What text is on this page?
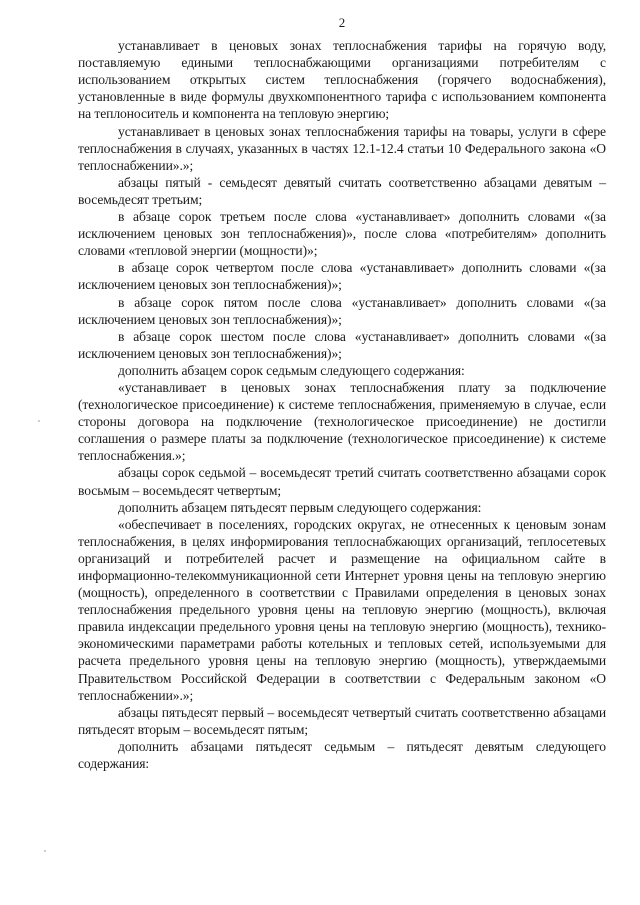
2

устанавливает в ценовых зонах теплоснабжения тарифы на горячую воду, поставляемую едиными теплоснабжающими организациями потребителям с использованием открытых систем теплоснабжения (горячего водоснабжения), установленные в виде формулы двухкомпонентного тарифа с использованием компонента на теплоноситель и компонента на тепловую энергию;

устанавливает в ценовых зонах теплоснабжения тарифы на товары, услуги в сфере теплоснабжения в случаях, указанных в частях 12.1-12.4 статьи 10 Федерального закона «О теплоснабжении».»;

абзацы пятый - семьдесят девятый считать соответственно абзацами девятым – восемьдесят третьим;

в абзаце сорок третьем после слова «устанавливает» дополнить словами «(за исключением ценовых зон теплоснабжения)», после слова «потребителям» дополнить словами «тепловой энергии (мощности)»;

в абзаце сорок четвертом после слова «устанавливает» дополнить словами «(за исключением ценовых зон теплоснабжения)»;

в абзаце сорок пятом после слова «устанавливает» дополнить словами «(за исключением ценовых зон теплоснабжения)»;

в абзаце сорок шестом после слова «устанавливает» дополнить словами «(за исключением ценовых зон теплоснабжения)»;

дополнить абзацем сорок седьмым следующего содержания:

«устанавливает в ценовых зонах теплоснабжения плату за подключение (технологическое присоединение) к системе теплоснабжения, применяемую в случае, если стороны договора на подключение (технологическое присоединение) не достигли соглашения о размере платы за подключение (технологическое присоединение) к системе теплоснабжения.»;

абзацы сорок седьмой – восемьдесят третий считать соответственно абзацами сорок восьмым – восемьдесят четвертым;

дополнить абзацем пятьдесят первым следующего содержания:

«обеспечивает в поселениях, городских округах, не отнесенных к ценовым зонам теплоснабжения, в целях информирования теплоснабжающих организаций, теплосетевых организаций и потребителей расчет и размещение на официальном сайте в информационно-телекоммуникационной сети Интернет уровня цены на тепловую энергию (мощность), определенного в соответствии с Правилами определения в ценовых зонах теплоснабжения предельного уровня цены на тепловую энергию (мощность), включая правила индексации предельного уровня цены на тепловую энергию (мощность), технико-экономическими параметрами работы котельных и тепловых сетей, используемыми для расчета предельного уровня цены на тепловую энергию (мощность), утверждаемыми Правительством Российской Федерации в соответствии с Федеральным законом «О теплоснабжении».»;

абзацы пятьдесят первый – восемьдесят четвертый считать соответственно абзацами пятьдесят вторым – восемьдесят пятым;

дополнить абзацами пятьдесят седьмым – пятьдесят девятым следующего содержания:
